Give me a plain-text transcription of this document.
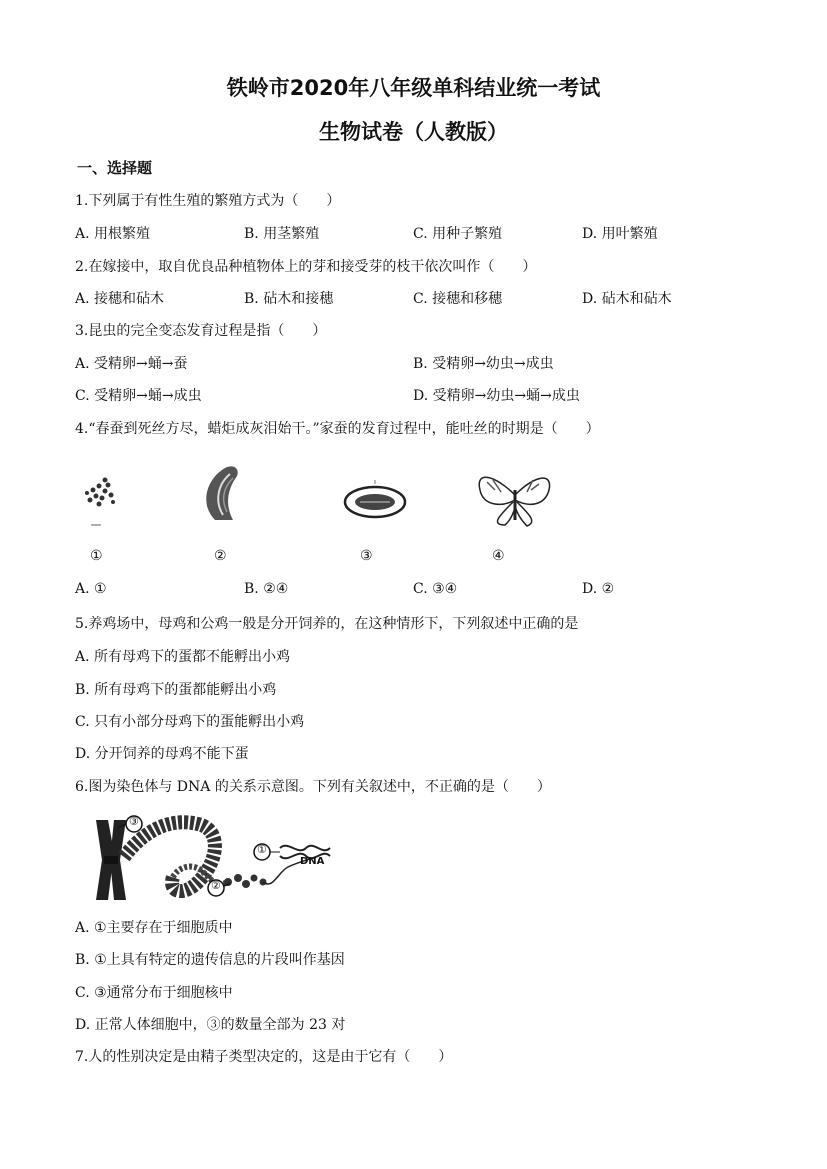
铁岭市2020年八年级单科结业统一考试
生物试卷（人教版）
一、选择题
1.下列属于有性生殖的繁殖方式为（　　）
A. 用根繁殖	B. 用茎繁殖	C. 用种子繁殖	D. 用叶繁殖
2.在嫁接中，取自优良品种植物体上的芽和接受芽的枝干依次叫作（　　）
A. 接穗和砧木	B. 砧木和接穗	C. 接穗和移穗	D. 砧木和砧木
3.昆虫的完全变态发育过程是指（　　）
A. 受精卵→蛹→蚕	B. 受精卵→幼虫→成虫
C. 受精卵→蛹→成虫	D. 受精卵→幼虫→蛹→成虫
4.“春蚕到死丝方尽，蜡炬成灰泪始干。”家蚕的发育过程中，能吐丝的时期是（　　）
①	②	③	④
A. ①	B. ②④	C. ③④	D. ②
5.养鸡场中，母鸡和公鸡一般是分开饲养的，在这种情形下，下列叙述中正确的是
A. 所有母鸡下的蛋都不能孵出小鸡
B. 所有母鸡下的蛋都能孵出小鸡
C. 只有小部分母鸡下的蛋能孵出小鸡
D. 分开饲养的母鸡不能下蛋
6.图为染色体与 DNA 的关系示意图。下列有关叙述中，不正确的是（　　）
③
①
②
DNA
A. ①主要存在于细胞质中
B. ①上具有特定的遗传信息的片段叫作基因
C. ③通常分布于细胞核中
D. 正常人体细胞中，③的数量全部为 23 对
7.人的性别决定是由精子类型决定的，这是由于它有（　　）
